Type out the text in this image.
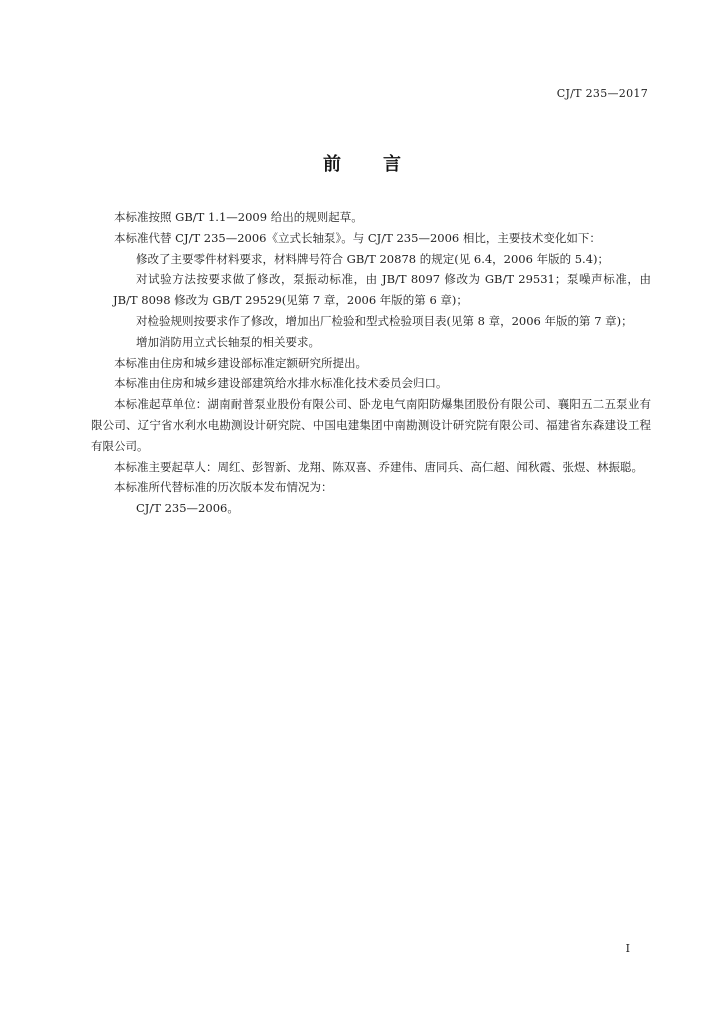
CJ/T 235—2017
前 言

本标准按照 GB/T 1.1—2009 给出的规则起草。

本标准代替 CJ/T 235—2006《立式长轴泵》。与 CJ/T 235—2006 相比，主要技术变化如下：

修改了主要零件材料要求，材料牌号符合 GB/T 20878 的规定(见 6.4，2006 年版的 5.4)；

对试验方法按要求做了修改，泵振动标准，由 JB/T 8097 修改为 GB/T 29531；泵噪声标准，由 JB/T 8098 修改为 GB/T 29529(见第 7 章，2006 年版的第 6 章)；

对检验规则按要求作了修改，增加出厂检验和型式检验项目表(见第 8 章，2006 年版的第 7 章)；

增加消防用立式长轴泵的相关要求。

本标准由住房和城乡建设部标准定额研究所提出。

本标准由住房和城乡建设部建筑给水排水标准化技术委员会归口。

本标准起草单位：湖南耐普泵业股份有限公司、卧龙电气南阳防爆集团股份有限公司、襄阳五二五泵业有限公司、辽宁省水利水电勘测设计研究院、中国电建集团中南勘测设计研究院有限公司、福建省东森建设工程有限公司。

本标准主要起草人：周红、彭智新、龙翔、陈双喜、乔建伟、唐同兵、高仁超、闻秋霞、张煜、林振聪。

本标准所代替标准的历次版本发布情况为：

CJ/T 235—2006。

I
